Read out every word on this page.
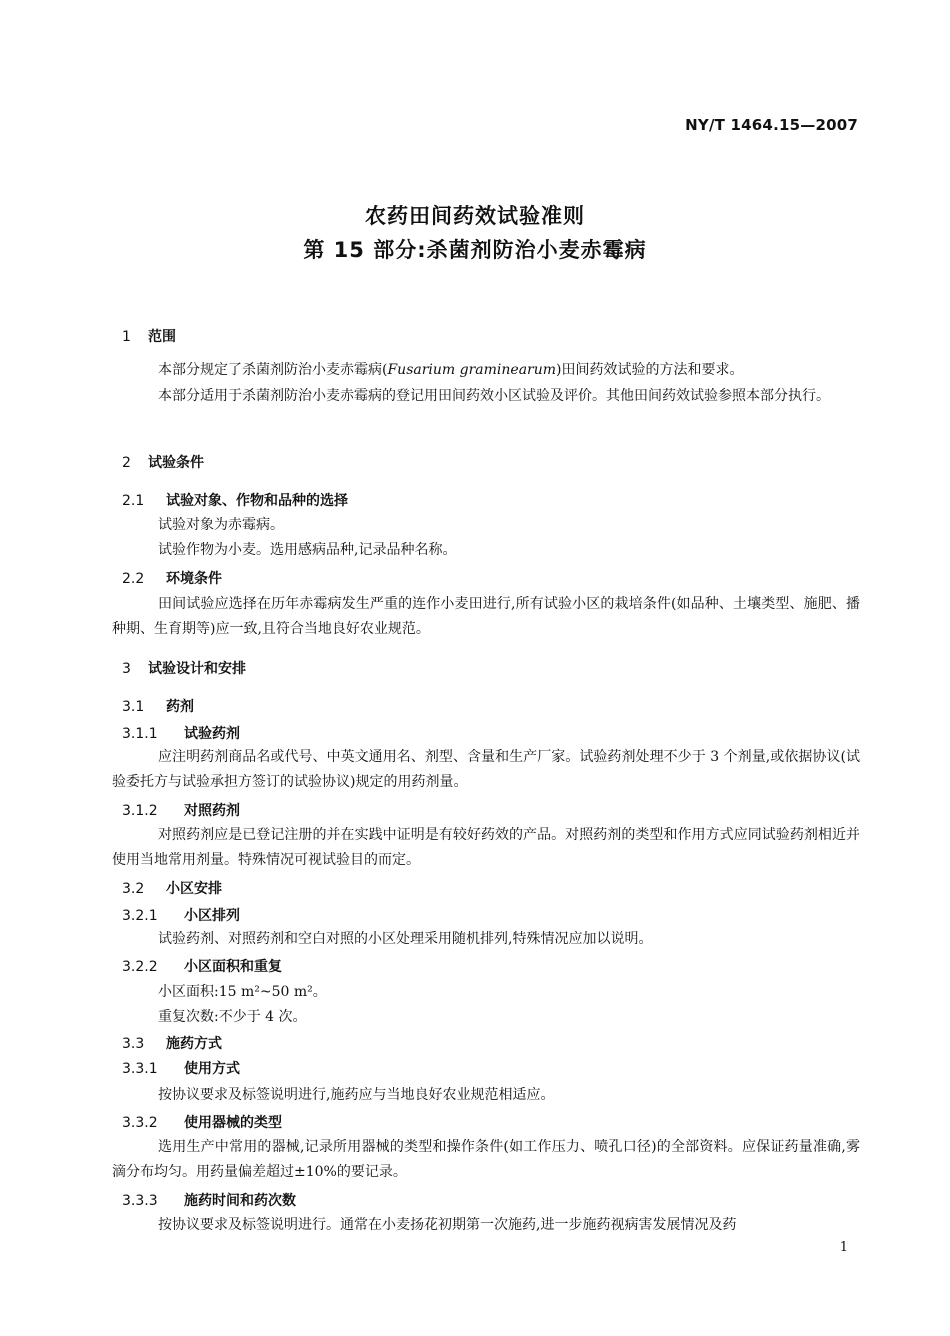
NY/T 1464.15—2007
农药田间药效试验准则
第 15 部分:杀菌剂防治小麦赤霉病
1 范围
本部分规定了杀菌剂防治小麦赤霉病(Fusarium graminearum)田间药效试验的方法和要求。
本部分适用于杀菌剂防治小麦赤霉病的登记用田间药效小区试验及评价。其他田间药效试验参照本部分执行。
2 试验条件
2.1 试验对象、作物和品种的选择
试验对象为赤霉病。
试验作物为小麦。选用感病品种,记录品种名称。
2.2 环境条件
田间试验应选择在历年赤霉病发生严重的连作小麦田进行,所有试验小区的栽培条件(如品种、土壤类型、施肥、播种期、生育期等)应一致,且符合当地良好农业规范。
3 试验设计和安排
3.1 药剂
3.1.1 试验药剂
应注明药剂商品名或代号、中英文通用名、剂型、含量和生产厂家。试验药剂处理不少于 3 个剂量,或依据协议(试验委托方与试验承担方签订的试验协议)规定的用药剂量。
3.1.2 对照药剂
对照药剂应是已登记注册的并在实践中证明是有较好药效的产品。对照药剂的类型和作用方式应同试验药剂相近并使用当地常用剂量。特殊情况可视试验目的而定。
3.2 小区安排
3.2.1 小区排列
试验药剂、对照药剂和空白对照的小区处理采用随机排列,特殊情况应加以说明。
3.2.2 小区面积和重复
小区面积:15 m²~50 m²。
重复次数:不少于 4 次。
3.3 施药方式
3.3.1 使用方式
按协议要求及标签说明进行,施药应与当地良好农业规范相适应。
3.3.2 使用器械的类型
选用生产中常用的器械,记录所用器械的类型和操作条件(如工作压力、喷孔口径)的全部资料。应保证药量准确,雾滴分布均匀。用药量偏差超过±10%的要记录。
3.3.3 施药时间和药次数
按协议要求及标签说明进行。通常在小麦扬花初期第一次施药,进一步施药视病害发展情况及药
1
